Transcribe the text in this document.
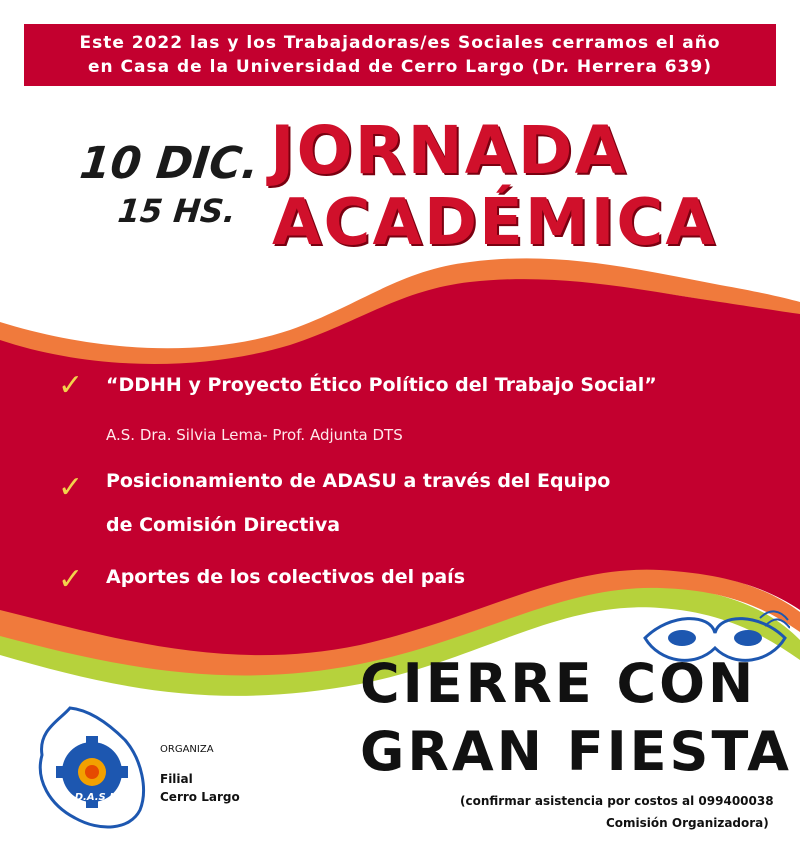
Este 2022 las y los Trabajadoras/es Sociales cerramos el año
en Casa de la Universidad de Cerro Largo (Dr. Herrera 639)
10 DIC.
15 HS.
JORNADA
ACADÉMICA
✓ “DDHH y Proyecto Ético Político del Trabajo Social”
A.S. Dra. Silvia Lema- Prof. Adjunta DTS
✓ Posicionamiento de ADASU a través del Equipo
de Comisión Directiva
✓ Aportes de los colectivos del país
CIERRE CON
GRAN FIESTA
A.D.A.S.U
ORGANIZA
Filial
Cerro Largo	(confirmar asistencia por costos al 099400038
Comisión Organizadora)
